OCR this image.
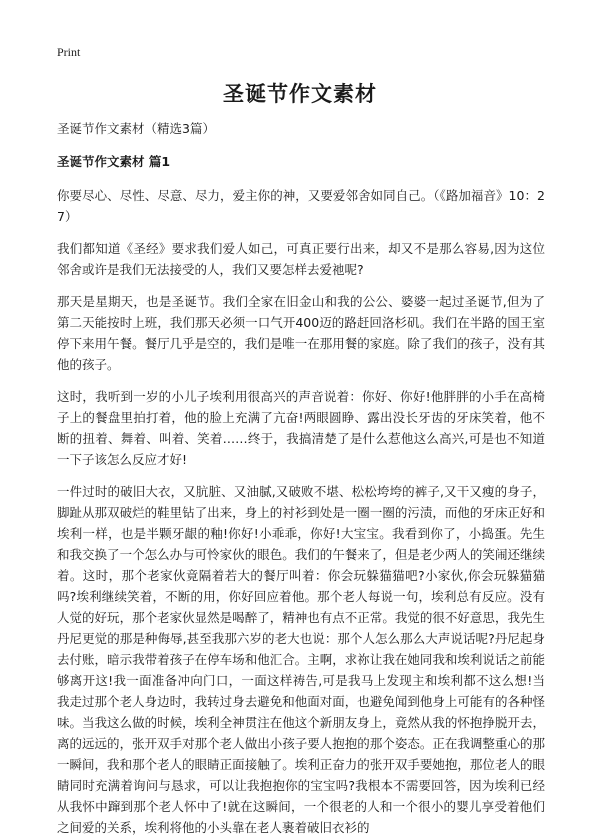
Print
圣诞节作文素材
圣诞节作文素材（精选3篇）
圣诞节作文素材 篇1

你要尽心、尽性、尽意、尽力，爱主你的神，又要爱邻舍如同自己。（《路加福音》10：27）

我们都知道《圣经》要求我们爱人如己，可真正要行出来，却又不是那么容易,因为这位邻舍或许是我们无法接受的人，我们又要怎样去爱祂呢?

那天是星期天，也是圣诞节。我们全家在旧金山和我的公公、婆婆一起过圣诞节,但为了第二天能按时上班，我们那天必须一口气开400迈的路赶回洛杉矶。我们在半路的国王室停下来用午餐。餐厅几乎是空的，我们是唯一在那用餐的家庭。除了我们的孩子，没有其他的孩子。

这时，我听到一岁的小儿子埃利用很高兴的声音说着：你好、你好!他胖胖的小手在高椅子上的餐盘里拍打着，他的脸上充满了亢奋!两眼圆睁、露出没长牙齿的牙床笑着，他不断的扭着、舞着、叫着、笑着……终于，我搞清楚了是什么惹他这么高兴,可是也不知道一下子该怎么反应才好!

一件过时的破旧大衣，又肮脏、又油腻,又破败不堪、松松垮垮的裤子,又干又瘦的身子，脚趾从那双破烂的鞋里钻了出来，身上的衬衫到处是一圈一圈的污渍，而他的牙床正好和埃利一样，也是半颗牙龈的釉!你好!小乖乖，你好!大宝宝。我看到你了，小捣蛋。先生和我交换了一个怎么办与可怜家伙的眼色。我们的午餐来了，但是老少两人的笑闹还继续着。这时，那个老家伙竟隔着若大的餐厅叫着：你会玩躲猫猫吧?小家伙,你会玩躲猫猫吗?埃利继续笑着，不断的用，你好回应着他。那个老人每说一句，埃利总有反应。没有人觉的好玩，那个老家伙显然是喝醉了，精神也有点不正常。我觉的很不好意思，我先生丹尼更觉的那是种侮辱,甚至我那六岁的老大也说：那个人怎么那么大声说话呢?丹尼起身去付账，暗示我带着孩子在停车场和他汇合。主啊，求祢让我在她同我和埃利说话之前能够离开这!我一面准备冲向门口，一面这样祷告,可是我马上发现主和埃利都不这么想!当我走过那个老人身边时，我转过身去避免和他面对面，也避免闻到他身上可能有的各种怪味。当我这么做的时候，埃利全神贯注在他这个新朋友身上，竟然从我的怀抱挣脱开去，离的远远的，张开双手对那个老人做出小孩子要人抱抱的那个姿态。正在我调整重心的那一瞬间，我和那个老人的眼睛正面接触了。埃利正奋力的张开双手要她抱，那位老人的眼睛同时充满着询问与恳求，可以让我抱抱你的宝宝吗?我根本不需要回答，因为埃利已经从我怀中蹿到那个老人怀中了!就在这瞬间，一个很老的人和一个很小的婴儿享受着他们之间爱的关系，埃利将他的小头靠在老人裹着破旧衣衫的
